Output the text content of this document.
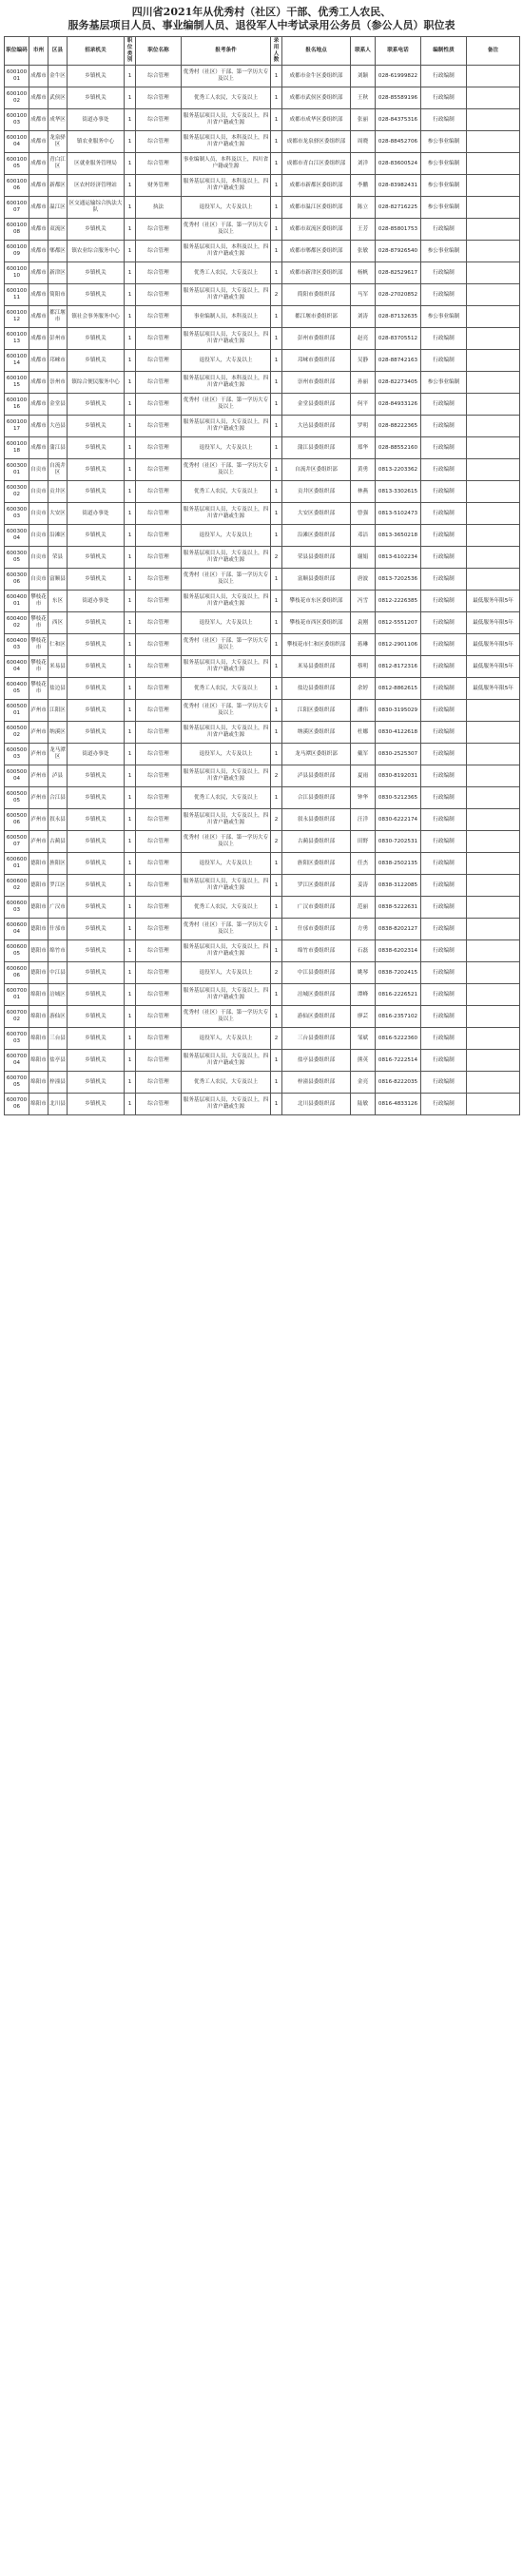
四川省2021年从优秀村（社区）干部、优秀工人农民、
服务基层项目人员、事业编制人员、退役军人中考试录用公务员（参公人员）职位表
职位编码	市州	区县	招录机关	职位类别	职位名称	报考条件	录用人数	报名地点	联系人	联系电话	编制性质	备注
60010001	成都市	金牛区	乡镇机关	1	综合管理	优秀村（社区）干部、第一学历大专及以上	1	成都市金牛区委组织部	刘颖	028-61999822	行政编制	
60010002	成都市	武侯区	乡镇机关	1	综合管理	优秀工人农民，大专及以上	1	成都市武侯区委组织部	王秋	028-85589196	行政编制	
60010003	成都市	成华区	街道办事处	1	综合管理	服务基层项目人员，大专及以上，四川省户籍或生源	1	成都市成华区委组织部	张丽	028-84375316	行政编制	
60010004	成都市	龙泉驿区	镇农业服务中心	1	综合管理	服务基层项目人员，本科及以上，四川省户籍或生源	1	成都市龙泉驿区委组织部	周晓	028-88452706	参公事业编制	
60010005	成都市	青白江区	区就业服务管理局	1	综合管理	事业编制人员，本科及以上，四川省户籍或生源	1	成都市青白江区委组织部	刘洋	028-83600524	参公事业编制	
60010006	成都市	新都区	区农村经济管理站	1	财务管理	服务基层项目人员，本科及以上，四川省户籍或生源	1	成都市新都区委组织部	李鹏	028-83982431	参公事业编制	
60010007	成都市	温江区	区交通运输综合执法大队	1	执法	退役军人，大专及以上	1	成都市温江区委组织部	陈立	028-82716225	参公事业编制	
60010008	成都市	双流区	乡镇机关	1	综合管理	优秀村（社区）干部、第一学历大专及以上	1	成都市双流区委组织部	王芳	028-85801753	行政编制	
60010009	成都市	郫都区	镇农业综合服务中心	1	综合管理	服务基层项目人员，本科及以上，四川省户籍或生源	1	成都市郫都区委组织部	张敏	028-87926540	参公事业编制	
60010010	成都市	新津区	乡镇机关	1	综合管理	优秀工人农民，大专及以上	1	成都市新津区委组织部	杨帆	028-82529617	行政编制	
60010011	成都市	简阳市	乡镇机关	1	综合管理	服务基层项目人员，大专及以上，四川省户籍或生源	2	简阳市委组织部	马军	028-27020852	行政编制	
60010012	成都市	都江堰市	镇社会事务服务中心	1	综合管理	事业编制人员，本科及以上	1	都江堰市委组织部	刘涛	028-87132635	参公事业编制	
60010013	成都市	彭州市	乡镇机关	1	综合管理	服务基层项目人员，大专及以上，四川省户籍或生源	1	彭州市委组织部	赵亮	028-83705512	行政编制	
60010014	成都市	邛崃市	乡镇机关	1	综合管理	退役军人，大专及以上	1	邛崃市委组织部	吴静	028-88742163	行政编制	
60010015	成都市	崇州市	镇综合便民服务中心	1	综合管理	服务基层项目人员，本科及以上，四川省户籍或生源	1	崇州市委组织部	孙丽	028-82273405	参公事业编制	
60010016	成都市	金堂县	乡镇机关	1	综合管理	优秀村（社区）干部、第一学历大专及以上	1	金堂县委组织部	何平	028-84933126	行政编制	
60010017	成都市	大邑县	乡镇机关	1	综合管理	服务基层项目人员，大专及以上，四川省户籍或生源	1	大邑县委组织部	罗明	028-88222365	行政编制	
60010018	成都市	蒲江县	乡镇机关	1	综合管理	退役军人，大专及以上	1	蒲江县委组织部	郑华	028-88552160	行政编制	
60030001	自贡市	自流井区	乡镇机关	1	综合管理	优秀村（社区）干部、第一学历大专及以上	1	自流井区委组织部	黄勇	0813-2203362	行政编制	
60030002	自贡市	贡井区	乡镇机关	1	综合管理	优秀工人农民，大专及以上	1	贡井区委组织部	林燕	0813-3302615	行政编制	
60030003	自贡市	大安区	街道办事处	1	综合管理	服务基层项目人员，大专及以上，四川省户籍或生源	1	大安区委组织部	曾强	0813-5102473	行政编制	
60030004	自贡市	沿滩区	乡镇机关	1	综合管理	退役军人，大专及以上	1	沿滩区委组织部	邓洁	0813-3650218	行政编制	
60030005	自贡市	荣县	乡镇机关	1	综合管理	服务基层项目人员，大专及以上，四川省户籍或生源	2	荣县县委组织部	谢娟	0813-6102234	行政编制	
60030006	自贡市	富顺县	乡镇机关	1	综合管理	优秀村（社区）干部、第一学历大专及以上	1	富顺县委组织部	唐波	0813-7202536	行政编制	
60040001	攀枝花市	东区	街道办事处	1	综合管理	服务基层项目人员，大专及以上，四川省户籍或生源	1	攀枝花市东区委组织部	冯雪	0812-2226385	行政编制	最低服务年限5年
60040002	攀枝花市	西区	乡镇机关	1	综合管理	退役军人，大专及以上	1	攀枝花市西区委组织部	袁刚	0812-5551207	行政编制	最低服务年限5年
60040003	攀枝花市	仁和区	乡镇机关	1	综合管理	优秀村（社区）干部、第一学历大专及以上	1	攀枝花市仁和区委组织部	蒋琳	0812-2901106	行政编制	最低服务年限5年
60040004	攀枝花市	米易县	乡镇机关	1	综合管理	服务基层项目人员，大专及以上，四川省户籍或生源	1	米易县委组织部	蔡明	0812-8172316	行政编制	最低服务年限5年
60040005	攀枝花市	盐边县	乡镇机关	1	综合管理	优秀工人农民，大专及以上	1	盐边县委组织部	余婷	0812-8862615	行政编制	最低服务年限5年
60050001	泸州市	江阳区	乡镇机关	1	综合管理	优秀村（社区）干部、第一学历大专及以上	1	江阳区委组织部	潘伟	0830-3195029	行政编制	
60050002	泸州市	纳溪区	乡镇机关	1	综合管理	服务基层项目人员，大专及以上，四川省户籍或生源	1	纳溪区委组织部	杜娜	0830-4122618	行政编制	
60050003	泸州市	龙马潭区	街道办事处	1	综合管理	退役军人，大专及以上	1	龙马潭区委组织部	戴军	0830-2525307	行政编制	
60050004	泸州市	泸县	乡镇机关	1	综合管理	服务基层项目人员，大专及以上，四川省户籍或生源	2	泸县县委组织部	夏雨	0830-8192031	行政编制	
60050005	泸州市	合江县	乡镇机关	1	综合管理	优秀工人农民，大专及以上	1	合江县委组织部	钟华	0830-5212365	行政编制	
60050006	泸州市	叙永县	乡镇机关	1	综合管理	服务基层项目人员，大专及以上，四川省户籍或生源	2	叙永县委组织部	汪洋	0830-6222174	行政编制	
60050007	泸州市	古蔺县	乡镇机关	1	综合管理	优秀村（社区）干部、第一学历大专及以上	2	古蔺县委组织部	田野	0830-7202531	行政编制	
60060001	德阳市	旌阳区	乡镇机关	1	综合管理	退役军人，大专及以上	1	旌阳区委组织部	任杰	0838-2502135	行政编制	
60060002	德阳市	罗江区	乡镇机关	1	综合管理	服务基层项目人员，大专及以上，四川省户籍或生源	1	罗江区委组织部	姜涛	0838-3122085	行政编制	
60060003	德阳市	广汉市	乡镇机关	1	综合管理	优秀工人农民，大专及以上	1	广汉市委组织部	范丽	0838-5222631	行政编制	
60060004	德阳市	什邡市	乡镇机关	1	综合管理	优秀村（社区）干部、第一学历大专及以上	1	什邡市委组织部	方勇	0838-8202127	行政编制	
60060005	德阳市	绵竹市	乡镇机关	1	综合管理	服务基层项目人员，大专及以上，四川省户籍或生源	1	绵竹市委组织部	石磊	0838-6202314	行政编制	
60060006	德阳市	中江县	乡镇机关	1	综合管理	退役军人，大专及以上	2	中江县委组织部	姚琴	0838-7202415	行政编制	
60070001	绵阳市	涪城区	乡镇机关	1	综合管理	服务基层项目人员，大专及以上，四川省户籍或生源	1	涪城区委组织部	谭峰	0816-2226521	行政编制	
60070002	绵阳市	游仙区	乡镇机关	1	综合管理	优秀村（社区）干部、第一学历大专及以上	1	游仙区委组织部	廖芸	0816-2357102	行政编制	
60070003	绵阳市	三台县	乡镇机关	1	综合管理	退役军人，大专及以上	2	三台县委组织部	邹斌	0816-5222360	行政编制	
60070004	绵阳市	盐亭县	乡镇机关	1	综合管理	服务基层项目人员，大专及以上，四川省户籍或生源	1	盐亭县委组织部	熊英	0816-7222514	行政编制	
60070005	绵阳市	梓潼县	乡镇机关	1	综合管理	优秀工人农民，大专及以上	1	梓潼县委组织部	金亮	0816-8222035	行政编制	
60070006	绵阳市	北川县	乡镇机关	1	综合管理	服务基层项目人员，大专及以上，四川省户籍或生源	1	北川县委组织部	陆敏	0816-4833126	行政编制	
